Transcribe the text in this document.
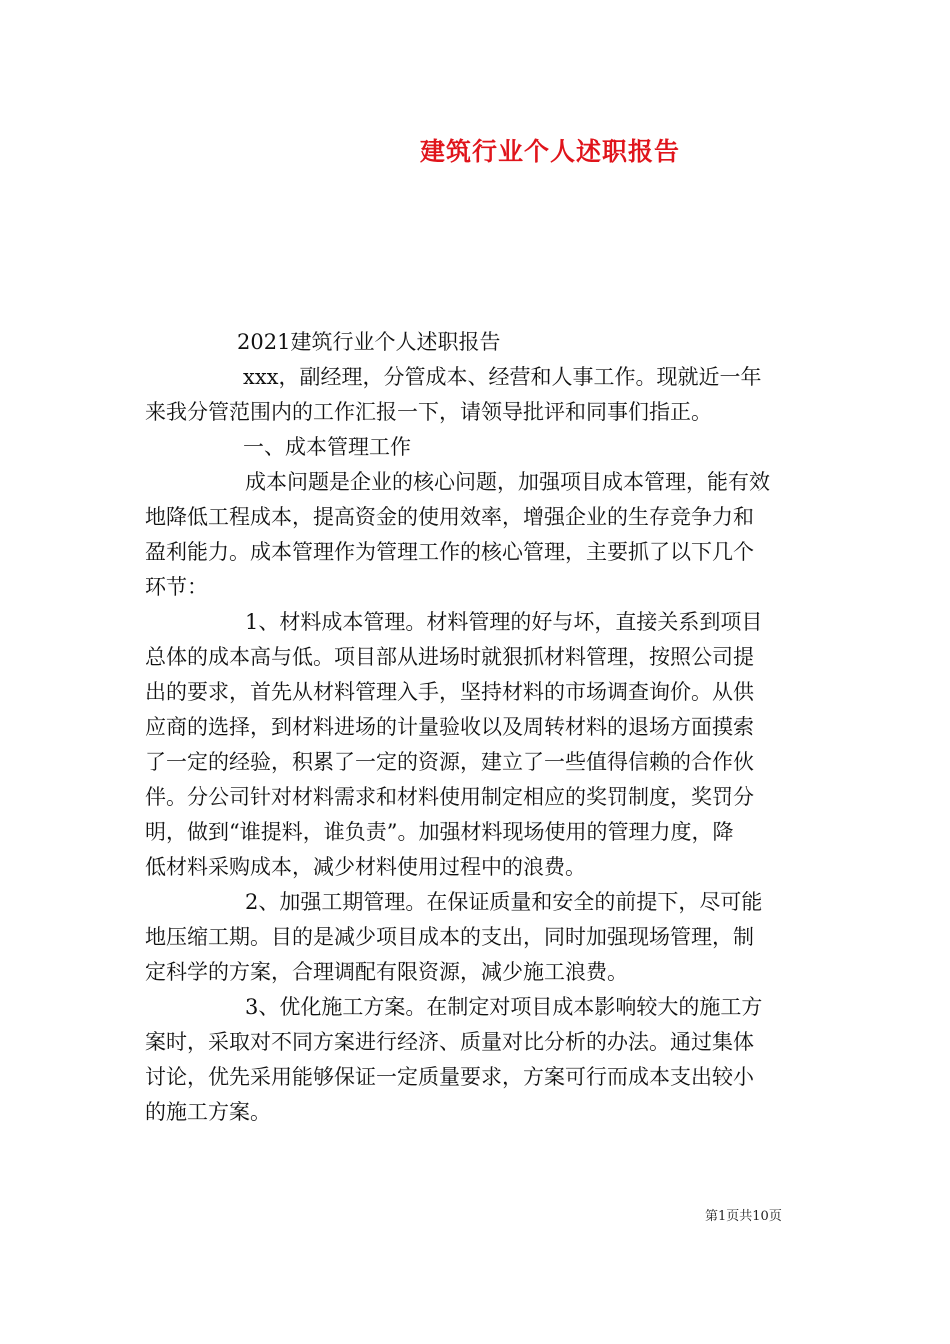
建筑行业个人述职报告

2021建筑行业个人述职报告

xxx，副经理，分管成本、经营和人事工作。现就近一年

来我分管范围内的工作汇报一下，请领导批评和同事们指正。

一、成本管理工作

成本问题是企业的核心问题，加强项目成本管理，能有效

地降低工程成本，提高资金的使用效率，增强企业的生存竞争力和

盈利能力。成本管理作为管理工作的核心管理，主要抓了以下几个

环节：

1、材料成本管理。材料管理的好与坏，直接关系到项目

总体的成本高与低。项目部从进场时就狠抓材料管理，按照公司提

出的要求，首先从材料管理入手，坚持材料的市场调查询价。从供

应商的选择，到材料进场的计量验收以及周转材料的退场方面摸索

了一定的经验，积累了一定的资源，建立了一些值得信赖的合作伙

伴。分公司针对材料需求和材料使用制定相应的奖罚制度，奖罚分

明，做到“谁提料，谁负责”。加强材料现场使用的管理力度，降

低材料采购成本，减少材料使用过程中的浪费。

2、加强工期管理。在保证质量和安全的前提下，尽可能

地压缩工期。目的是减少项目成本的支出，同时加强现场管理，制

定科学的方案，合理调配有限资源，减少施工浪费。

3、优化施工方案。在制定对项目成本影响较大的施工方

案时，采取对不同方案进行经济、质量对比分析的办法。通过集体

讨论，优先采用能够保证一定质量要求，方案可行而成本支出较小

的施工方案。

第1页共10页
